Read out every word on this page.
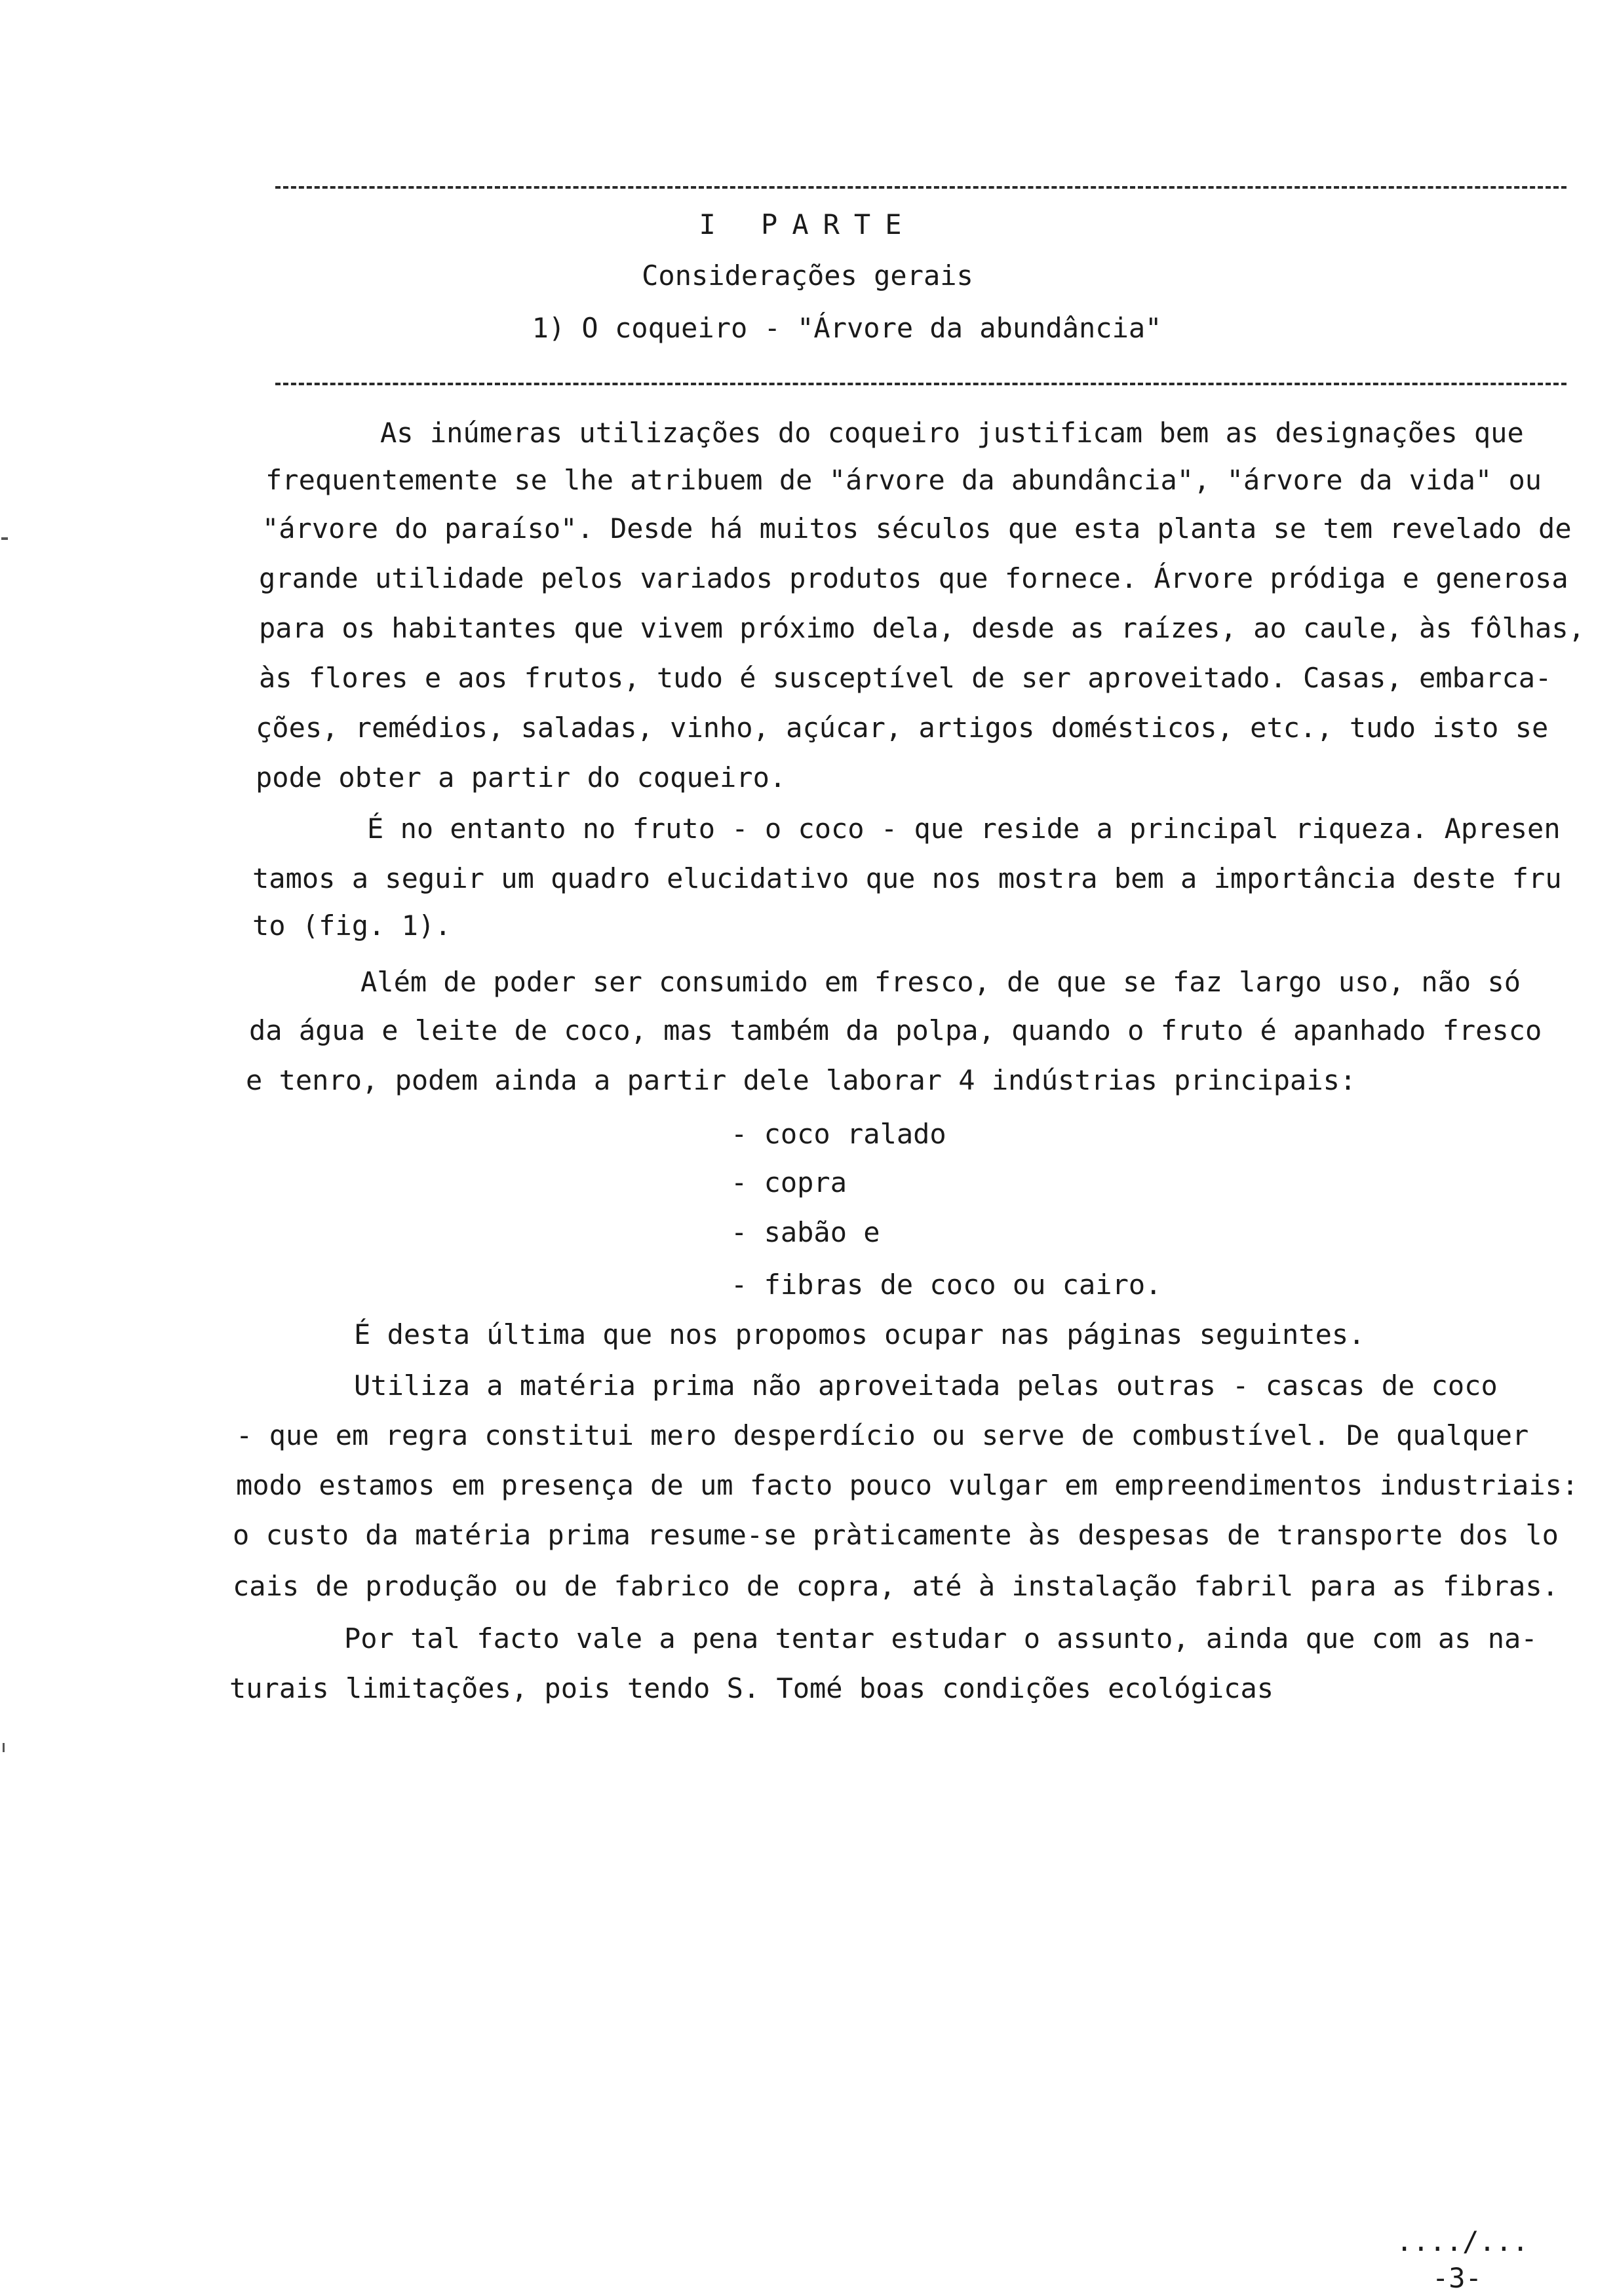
I PARTE
Considerações gerais
1) O coqueiro - "Árvore da abundância"
As inúmeras utilizações do coqueiro justificam bem as designações que
frequentemente se lhe atribuem de "árvore da abundância", "árvore da vida" ou
"árvore do paraíso". Desde há muitos séculos que esta planta se tem revelado de
grande utilidade pelos variados produtos que fornece. Árvore pródiga e generosa
para os habitantes que vivem próximo dela, desde as raízes, ao caule, às fôlhas,
às flores e aos frutos, tudo é susceptível de ser aproveitado. Casas, embarca-
ções, remédios, saladas, vinho, açúcar, artigos domésticos, etc., tudo isto se
pode obter a partir do coqueiro.
É no entanto no fruto - o coco - que reside a principal riqueza. Apresen
tamos a seguir um quadro elucidativo que nos mostra bem a importância deste fru
to (fig. 1).
Além de poder ser consumido em fresco, de que se faz largo uso, não só
da água e leite de coco, mas também da polpa, quando o fruto é apanhado fresco
e tenro, podem ainda a partir dele laborar 4 indústrias principais:
- coco ralado
- copra
- sabão e
- fibras de coco ou cairo.
É desta última que nos propomos ocupar nas páginas seguintes.
Utiliza a matéria prima não aproveitada pelas outras - cascas de coco
- que em regra constitui mero desperdício ou serve de combustível. De qualquer
modo estamos em presença de um facto pouco vulgar em empreendimentos industriais:
o custo da matéria prima resume-se pràticamente às despesas de transporte dos lo
cais de produção ou de fabrico de copra, até à instalação fabril para as fibras.
Por tal facto vale a pena tentar estudar o assunto, ainda que com as na-
turais limitações, pois tendo S. Tomé boas condições ecológicas
..../...
-3-
